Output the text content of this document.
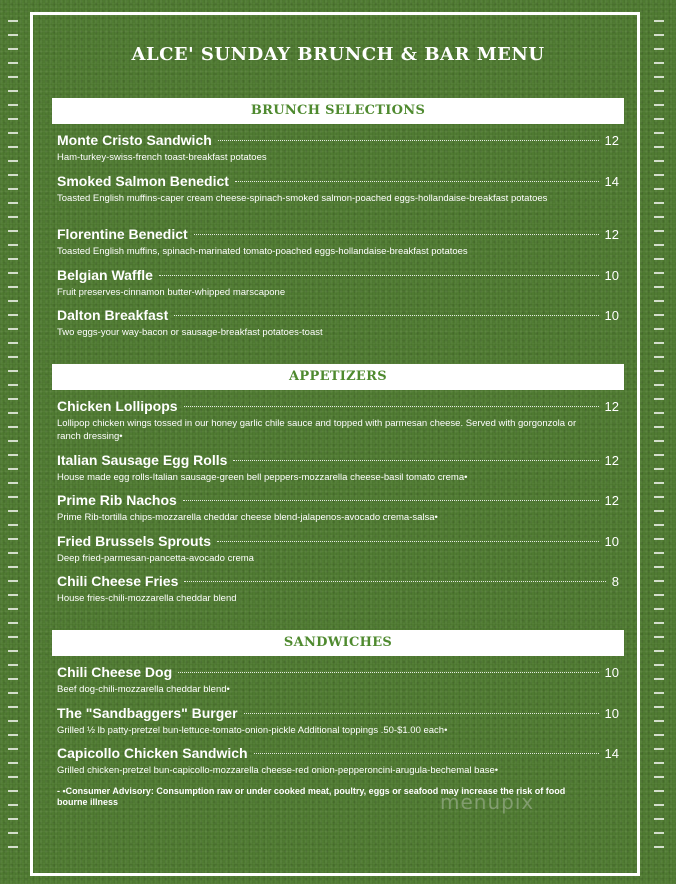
ALCE' SUNDAY BRUNCH & BAR MENU
BRUNCH SELECTIONS
Monte Cristo Sandwich	12
Ham-turkey-swiss-french toast-breakfast potatoes
Smoked Salmon Benedict	14
Toasted English muffins-caper cream cheese-spinach-smoked salmon-poached eggs-hollandaise-breakfast potatoes
Florentine Benedict	12
Toasted English muffins, spinach-marinated tomato-poached eggs-hollandaise-breakfast potatoes
Belgian Waffle	10
Fruit preserves-cinnamon butter-whipped marscapone
Dalton Breakfast	10
Two eggs-your way-bacon or sausage-breakfast potatoes-toast
APPETIZERS
Chicken Lollipops	12
Lollipop chicken wings tossed in our honey garlic chile sauce and topped with parmesan cheese. Served with gorgonzola or ranch dressing•
Italian Sausage Egg Rolls	12
House made egg rolls-Italian sausage-green bell peppers-mozzarella cheese-basil tomato crema•
Prime Rib Nachos	12
Prime Rib-tortilla chips-mozzarella cheddar cheese blend-jalapenos-avocado crema-salsa•
Fried Brussels Sprouts	10
Deep fried-parmesan-pancetta-avocado crema
Chili Cheese Fries	8
House fries-chili-mozzarella cheddar blend
SANDWICHES
Chili Cheese Dog	10
Beef dog-chili-mozzarella cheddar blend•
The "Sandbaggers" Burger	10
Grilled ½ lb patty-pretzel bun-lettuce-tomato-onion-pickle Additional toppings .50-$1.00 each•
Capicollo Chicken Sandwich	14
Grilled chicken-pretzel bun-capicollo-mozzarella cheese-red onion-pepperoncini-arugula-bechemal base•
- •Consumer Advisory: Consumption raw or under cooked meat, poultry, eggs or seafood may increase the risk of food bourne illness	menupix
